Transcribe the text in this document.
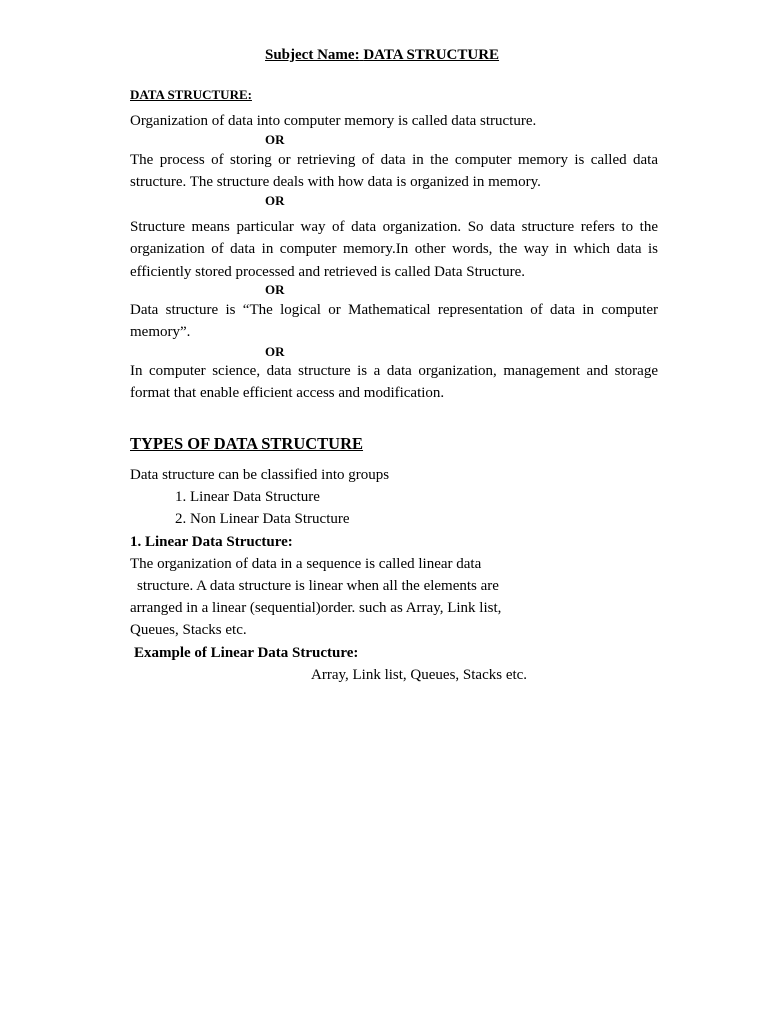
Subject Name: DATA STRUCTURE

DATA STRUCTURE:

Organization of data into computer memory is called data structure.

OR

The process of storing or retrieving of data in the computer memory is called data structure. The structure deals with how data is organized in memory.

OR

Structure means particular way of data organization. So data structure refers to the organization of data in computer memory.In other words, the way in which data is efficiently stored processed and retrieved is called Data Structure.

OR

Data structure is “The logical or Mathematical representation of data in computer memory”.

OR

In computer science, data structure is a data organization, management and storage format that enable efficient access and modification.

TYPES OF DATA STRUCTURE

Data structure can be classified into groups

1. Linear Data Structure

2. Non Linear Data Structure

1. Linear Data Structure:

The organization of data in a sequence is called linear data

structure. A data structure is linear when all the elements are

arranged in a linear (sequential)order. such as Array, Link list,

Queues, Stacks etc.

Example of Linear Data Structure:

Array, Link list, Queues, Stacks etc.
